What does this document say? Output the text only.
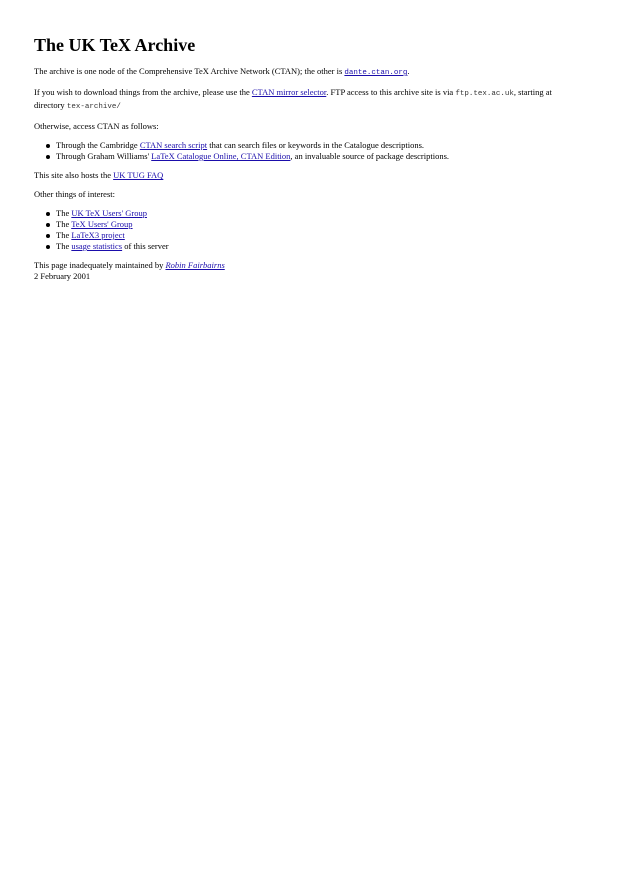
The UK TeX Archive

The archive is one node of the Comprehensive TeX Archive Network (CTAN); the other is dante.ctan.org.

If you wish to download things from the archive, please use the CTAN mirror selector. FTP access to this archive site is via ftp.tex.ac.uk, starting at directory tex-archive/

Otherwise, access CTAN as follows:

Through the Cambridge CTAN search script that can search files or keywords in the Catalogue descriptions.
Through Graham Williams' LaTeX Catalogue Online, CTAN Edition, an invaluable source of package descriptions.

This site also hosts the UK TUG FAQ

Other things of interest:

The UK TeX Users' Group
The TeX Users' Group
The LaTeX3 project
The usage statistics of this server

This page inadequately maintained by Robin Fairbairns

2 February 2001
